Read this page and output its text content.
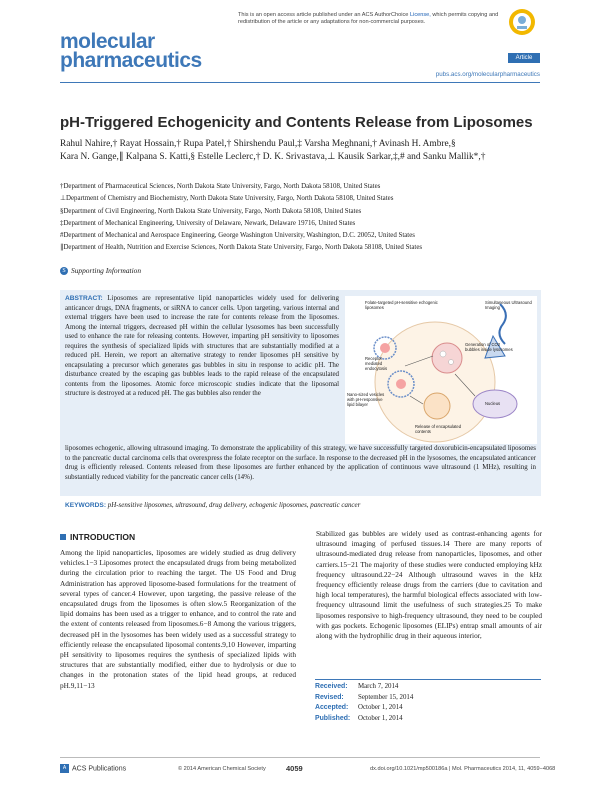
This is an open access article published under an ACS AuthorChoice License, which permits copying and redistribution of the article or any adaptations for non-commercial purposes.
molecular
pharmaceutics	Article
pubs.acs.org/molecularpharmaceutics
pH-Triggered Echogenicity and Contents Release from Liposomes
Rahul Nahire,† Rayat Hossain,† Rupa Patel,† Shirshendu Paul,‡ Varsha Meghnani,† Avinash H. Ambre,§
Kara N. Gange,∥ Kalpana S. Katti,§ Estelle Leclerc,† D. K. Srivastava,⊥ Kausik Sarkar,‡,# and Sanku Mallik*,†
†Department of Pharmaceutical Sciences, North Dakota State University, Fargo, North Dakota 58108, United States
⊥Department of Chemistry and Biochemistry, North Dakota State University, Fargo, North Dakota 58108, United States
§Department of Civil Engineering, North Dakota State University, Fargo, North Dakota 58108, United States
‡Department of Mechanical Engineering, University of Delaware, Newark, Delaware 19716, United States
#Department of Mechanical and Aerospace Engineering, George Washington University, Washington, D.C. 20052, United States
∥Department of Health, Nutrition and Exercise Sciences, North Dakota State University, Fargo, North Dakota 58108, United States
S Supporting Information
ABSTRACT: Liposomes are representative lipid nanoparticles widely used for delivering anticancer drugs, DNA fragments, or siRNA to cancer cells. Upon targeting, various internal and external triggers have been used to increase the rate for contents release from the liposomes. Among the internal triggers, decreased pH within the cellular lysosomes has been successfully used to enhance the rate for releasing contents. However, imparting pH sensitivity to liposomes requires the synthesis of specialized lipids with structures that are substantially modified at a reduced pH. Herein, we report an alternative strategy to render liposomes pH sensitive by encapsulating a precursor which generates gas bubbles in situ in response to acidic pH. The disturbance created by the escaping gas bubbles leads to the rapid release of the encapsulated contents from the liposomes. Atomic force microscopic studies indicate that the liposomal structure is destroyed at a reduced pH. The gas bubbles also render the
liposomes echogenic, allowing ultrasound imaging. To demonstrate the applicability of this strategy, we have successfully targeted doxorubicin-encapsulated liposomes to the pancreatic ductal carcinoma cells that overexpress the folate receptor on the surface. In response to the decreased pH in the lysosomes, the encapsulated anticancer drug is efficiently released. Contents released from these liposomes are further enhanced by the application of continuous wave ultrasound (1 MHz), resulting in substantially reduced viability for the pancreatic cancer cells (14%).
KEYWORDS: pH-sensitive liposomes, ultrasound, drug delivery, echogenic liposomes, pancreatic cancer
Folate-targeted pH-sensitive echogenic liposomes
Simultaneous Ultrasound Imaging
Generation of CO2 bubbles inside lysosomes
Receptor mediated endocytosis
Nano-sized vesicles with pH-responsive lipid bilayer
Release of encapsulated contents
Nucleus
INTRODUCTION
Among the lipid nanoparticles, liposomes are widely studied as drug delivery vehicles.1−3 Liposomes protect the encapsulated drugs from being metabolized during the circulation prior to reaching the target. The US Food and Drug Administration has approved liposome-based formulations for the treatment of several types of cancer.4 However, upon targeting, the passive release of the encapsulated drugs from the liposomes is often slow.5 Reorganization of the lipid domains has been used as a trigger to enhance, and to control the rate and the extent of contents released from liposomes.6−8 Among the various triggers, decreased pH in the lysosomes has been widely used as a successful strategy to efficiently release the encapsulated liposomal contents.9,10 However, imparting pH sensitivity to liposomes requires the synthesis of specialized lipids with structures that are substantially modified, either due to hydrolysis or due to changes in the protonation states of the lipid head groups, at reduced pH.9,11−13
Stabilized gas bubbles are widely used as contrast-enhancing agents for ultrasound imaging of perfused tissues.14 There are many reports of ultrasound-mediated drug release from nanoparticles, liposomes, and other carriers.15−21 The majority of these studies were conducted employing kHz frequency ultrasound.22−24 Although ultrasound waves in the kHz frequency efficiently release drugs from the carriers (due to cavitation and high local temperatures), the harmful biological effects associated with low-frequency ultrasound limit the usefulness of such strategies.25 To make liposomes responsive to high-frequency ultrasound, they need to be coupled with gas pockets. Echogenic liposomes (ELIPs) entrap small amounts of air along with the hydrophilic drug in their aqueous interior,
Received: March 7, 2014
Revised: September 15, 2014
Accepted: October 1, 2014
Published: October 1, 2014
A ACS Publications	© 2014 American Chemical Society	4059	dx.doi.org/10.1021/mp500186a | Mol. Pharmaceutics 2014, 11, 4059−4068
